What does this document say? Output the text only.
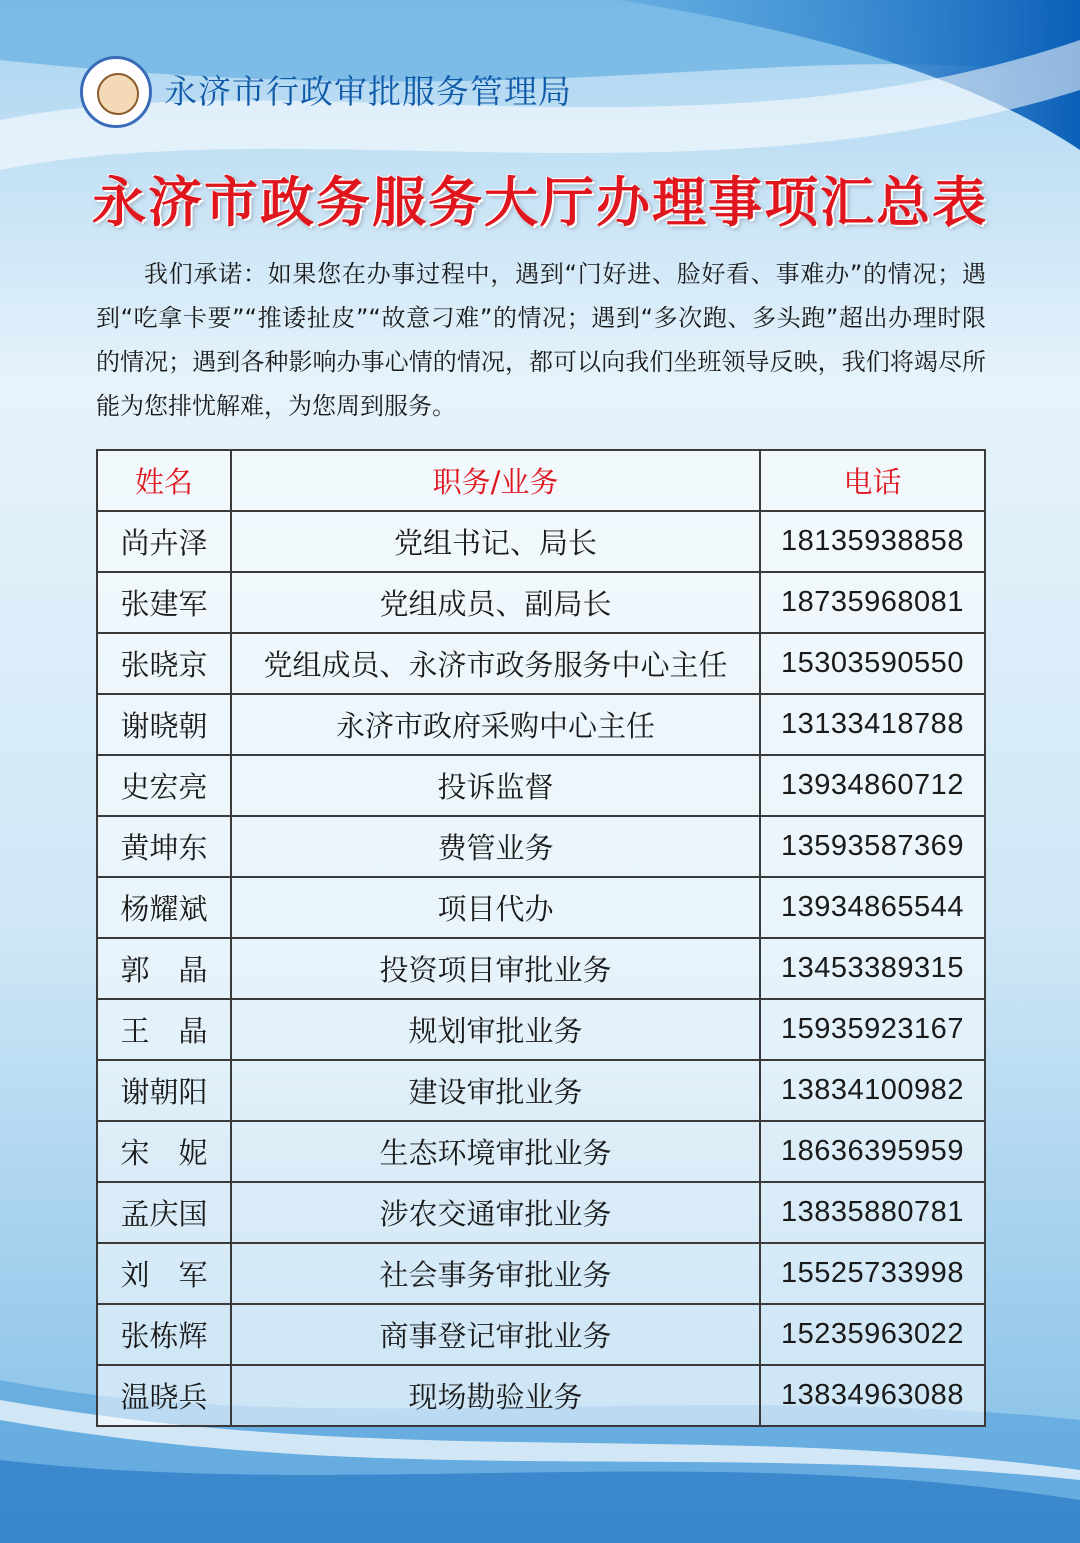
永济市行政审批服务管理局
永济市政务服务大厅办理事项汇总表
我们承诺：如果您在办事过程中，遇到“门好进、脸好看、事难办”的情况；遇到“吃拿卡要”“推诿扯皮”“故意刁难”的情况；遇到“多次跑、多头跑”超出办理时限的情况；遇到各种影响办事心情的情况，都可以向我们坐班领导反映，我们将竭尽所能为您排忧解难，为您周到服务。
姓名	职务/业务	电话
尚卉泽	党组书记、局长	18135938858
张建军	党组成员、副局长	18735968081
张晓京	党组成员、永济市政务服务中心主任	15303590550
谢晓朝	永济市政府采购中心主任	13133418788
史宏亮	投诉监督	13934860712
黄坤东	费管业务	13593587369
杨耀斌	项目代办	13934865544
郭　晶	投资项目审批业务	13453389315
王　晶	规划审批业务	15935923167
谢朝阳	建设审批业务	13834100982
宋　妮	生态环境审批业务	18636395959
孟庆国	涉农交通审批业务	13835880781
刘　军	社会事务审批业务	15525733998
张栋辉	商事登记审批业务	15235963022
温晓兵	现场勘验业务	13834963088
